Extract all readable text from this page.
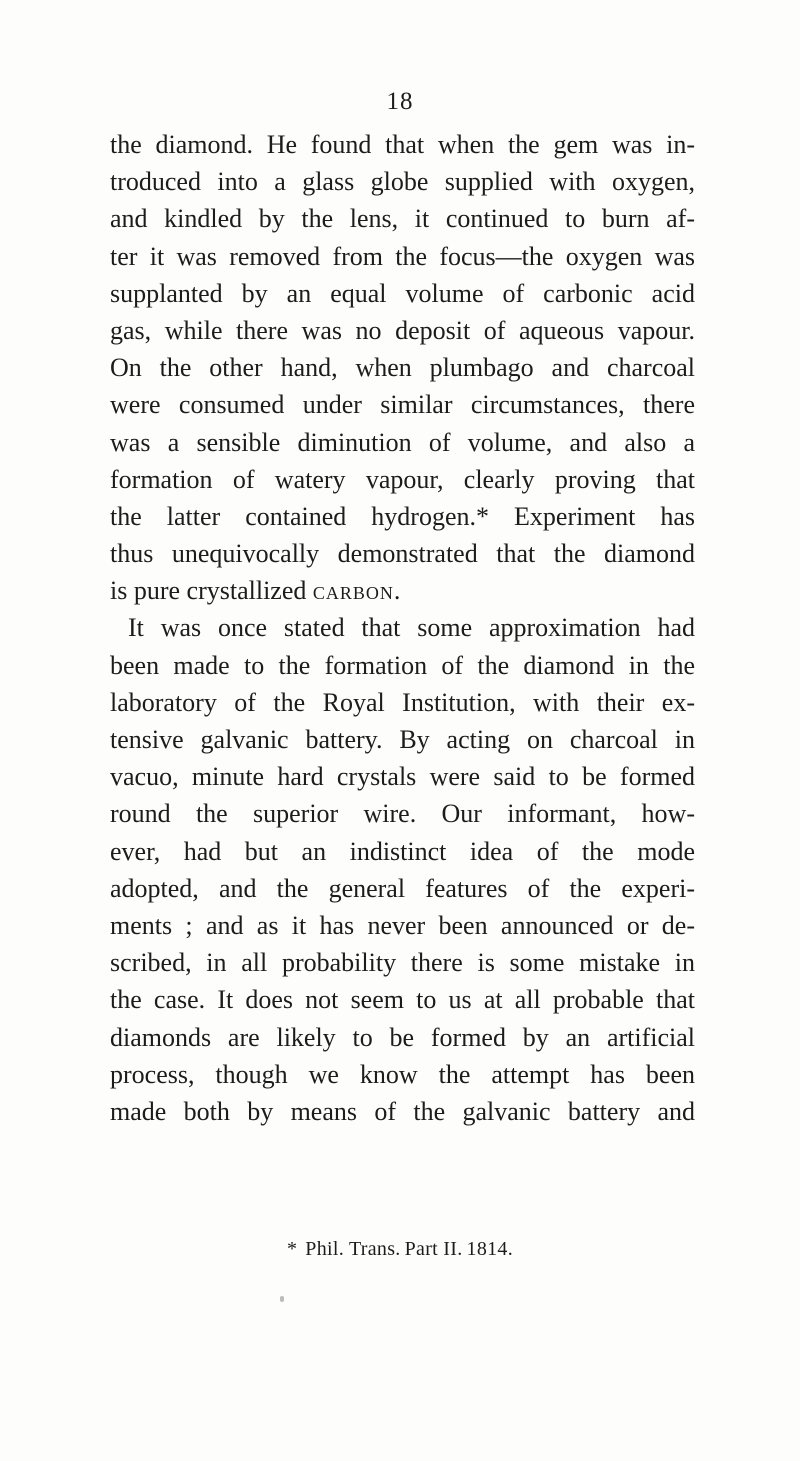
18
the diamond. He found that when the gem was in-
troduced into a glass globe supplied with oxygen,
and kindled by the lens, it continued to burn af-
ter it was removed from the focus—the oxygen was
supplanted by an equal volume of carbonic acid
gas, while there was no deposit of aqueous vapour.
On the other hand, when plumbago and charcoal
were consumed under similar circumstances, there
was a sensible diminution of volume, and also a
formation of watery vapour, clearly proving that
the latter contained hydrogen.* Experiment has
thus unequivocally demonstrated that the diamond
is pure crystallized carbon.
It was once stated that some approximation had
been made to the formation of the diamond in the
laboratory of the Royal Institution, with their ex-
tensive galvanic battery. By acting on charcoal in
vacuo, minute hard crystals were said to be formed
round the superior wire. Our informant, how-
ever, had but an indistinct idea of the mode
adopted, and the general features of the experi-
ments ; and as it has never been announced or de-
scribed, in all probability there is some mistake in
the case. It does not seem to us at all probable that
diamonds are likely to be formed by an artificial
process, though we know the attempt has been
made both by means of the galvanic battery and
* Phil. Trans. Part II. 1814.
